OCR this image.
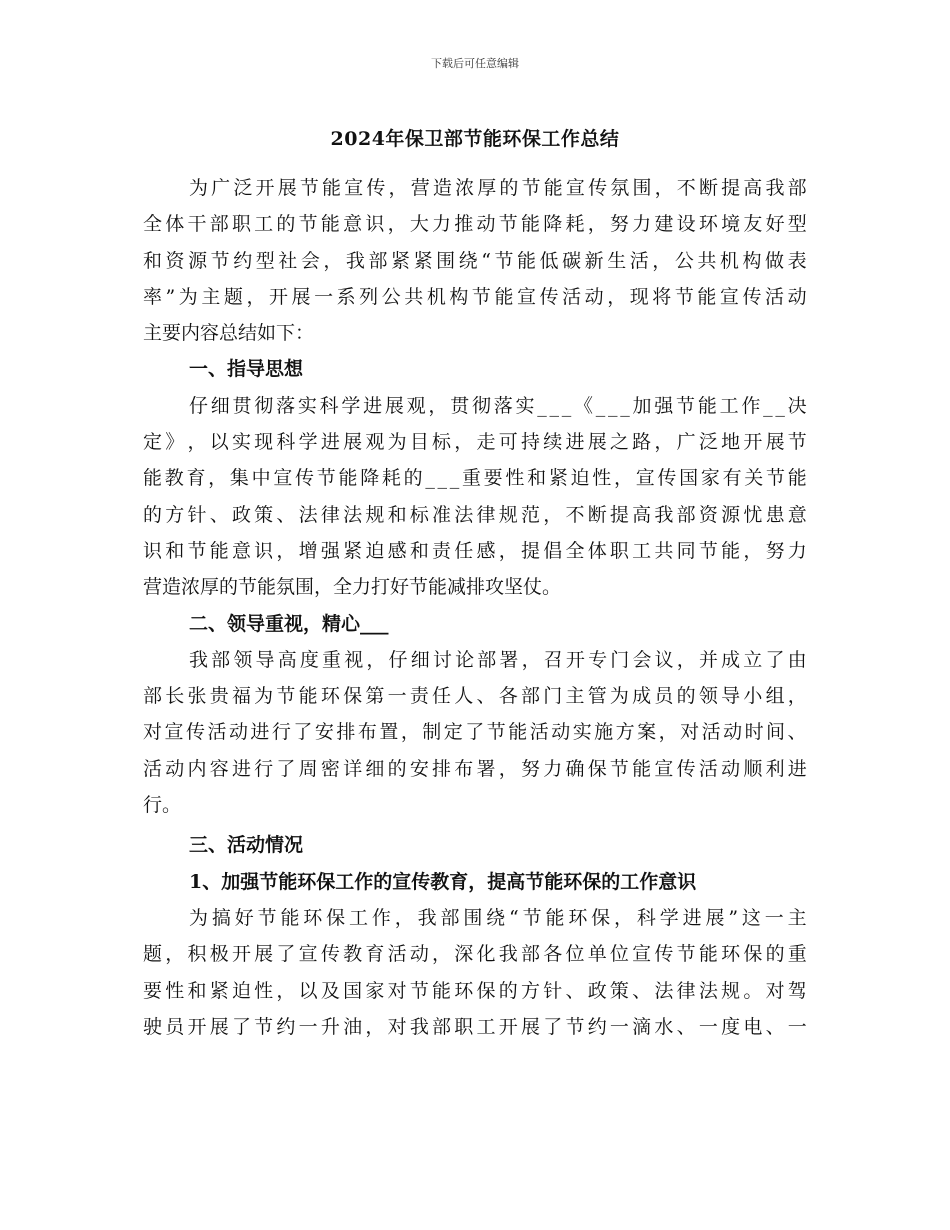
下载后可任意编辑
2024年保卫部节能环保工作总结
为 广 泛 开 展 节 能 宣 传 ， 营 造 浓 厚 的 节 能 宣 传 氛 围 ， 不 断 提 高 我 部
全 体 干 部 职 工 的 节 能 意 识 ， 大 力 推 动 节 能 降 耗 ， 努 力 建 设 环 境 友 好 型
和 资 源 节 约 型 社 会 ， 我 部 紧 紧 围 绕 “ 节 能 低 碳 新 生 活 ， 公 共 机 构 做 表
率 ” 为 主 题 ， 开 展 一 系 列 公 共 机 构 节 能 宣 传 活 动 ， 现 将 节 能 宣 传 活 动
主要内容总结如下：
一、指导思想
仔 细 贯 彻 落 实 科 学 进 展 观 ， 贯 彻 落 实 _ _ _ 《 _ _ _ 加 强 节 能 工 作 _ _ 决
定 》 ， 以 实 现 科 学 进 展 观 为 目 标 ， 走 可 持 续 进 展 之 路 ， 广 泛 地 开 展 节
能 教 育 ， 集 中 宣 传 节 能 降 耗 的 _ _ _ 重 要 性 和 紧 迫 性 ， 宣 传 国 家 有 关 节 能
的 方 针 、 政 策 、 法 律 法 规 和 标 准 法 律 规 范 ， 不 断 提 高 我 部 资 源 忧 患 意
识 和 节 能 意 识 ， 增 强 紧 迫 感 和 责 任 感 ， 提 倡 全 体 职 工 共 同 节 能 ， 努 力
营造浓厚的节能氛围，全力打好节能减排攻坚仗。
二、领导重视，精心___
我 部 领 导 高 度 重 视 ， 仔 细 讨 论 部 署 ， 召 开 专 门 会 议 ， 并 成 立 了 由
部 长 张 贵 福 为 节 能 环 保 第 一 责 任 人 、 各 部 门 主 管 为 成 员 的 领 导 小 组 ，
对 宣 传 活 动 进 行 了 安 排 布 置 ， 制 定 了 节 能 活 动 实 施 方 案 ， 对 活 动 时 间 、
活 动 内 容 进 行 了 周 密 详 细 的 安 排 布 署 ， 努 力 确 保 节 能 宣 传 活 动 顺 利 进
行。
三、活动情况
1、加强节能环保工作的宣传教育，提高节能环保的工作意识
为 搞 好 节 能 环 保 工 作 ， 我 部 围 绕 “ 节 能 环 保 ， 科 学 进 展 ” 这 一 主
题 ， 积 极 开 展 了 宣 传 教 育 活 动 ， 深 化 我 部 各 位 单 位 宣 传 节 能 环 保 的 重
要 性 和 紧 迫 性 ， 以 及 国 家 对 节 能 环 保 的 方 针 、 政 策 、 法 律 法 规 。 对 驾
驶 员 开 展 了 节 约 一 升 油 ， 对 我 部 职 工 开 展 了 节 约 一 滴 水 、 一 度 电 、 一
